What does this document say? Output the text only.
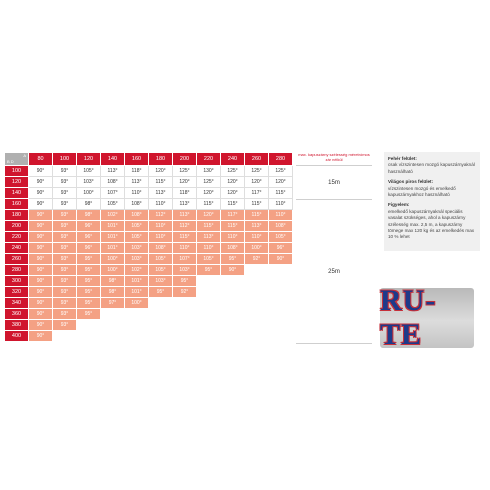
A
B D	80	100	120	140	160	180	200	220	240	260	280
100	90°	93°	105°	113°	118°	120°	125°	130°	125°	125°	125°
120	90°	93°	103°	108°	113°	115°	120°	125°	120°	120°	120°
140	90°	93°	100°	107°	110°	113°	118°	120°	120°	117°	115°
160	90°	93°	98°	105°	108°	110°	113°	115°	115°	115°	110°
180	90°	93°	98°	102°	108°	112°	113°	120°	117°	115°	110°
200	90°	93°	96°	101°	105°	110°	112°	115°	115°	113°	108°
220	90°	93°	96°	101°	105°	110°	115°	113°	110°	110°	105°
240	90°	93°	96°	101°	103°	108°	110°	110°	108°	100°	96°
260	90°	93°	95°	100°	103°	105°	107°	105°	95°	92°	90°
280	90°	93°	95°	100°	102°	105°	103°	95°	90°		
300	90°	93°	95°	98°	101°	103°	95°				
320	90°	93°	95°	98°	101°	95°	92°				
340	90°	93°	95°	97°	100°						
360	90°	93°	95°								
380	90°	93°									
400	90°										
max. kapuszárny szélesség méretrómos zár nélkül
15m
25m
Fehér felület:
csak vízszintesen mozgó kapuszárnyaknál használható
Világos piros felület:
vízszintesen mozgó és emelkedő kapuszárnyakhoz használható
Figyelem:
emelkedő kapuszárnyaknál speciális vasalat szükséges, ahol a kapuszárny szélesség max. 2,5 m, a kapuszárny tömege max 120 kg és az emelkedés max 10 % lehet
RU-TE
